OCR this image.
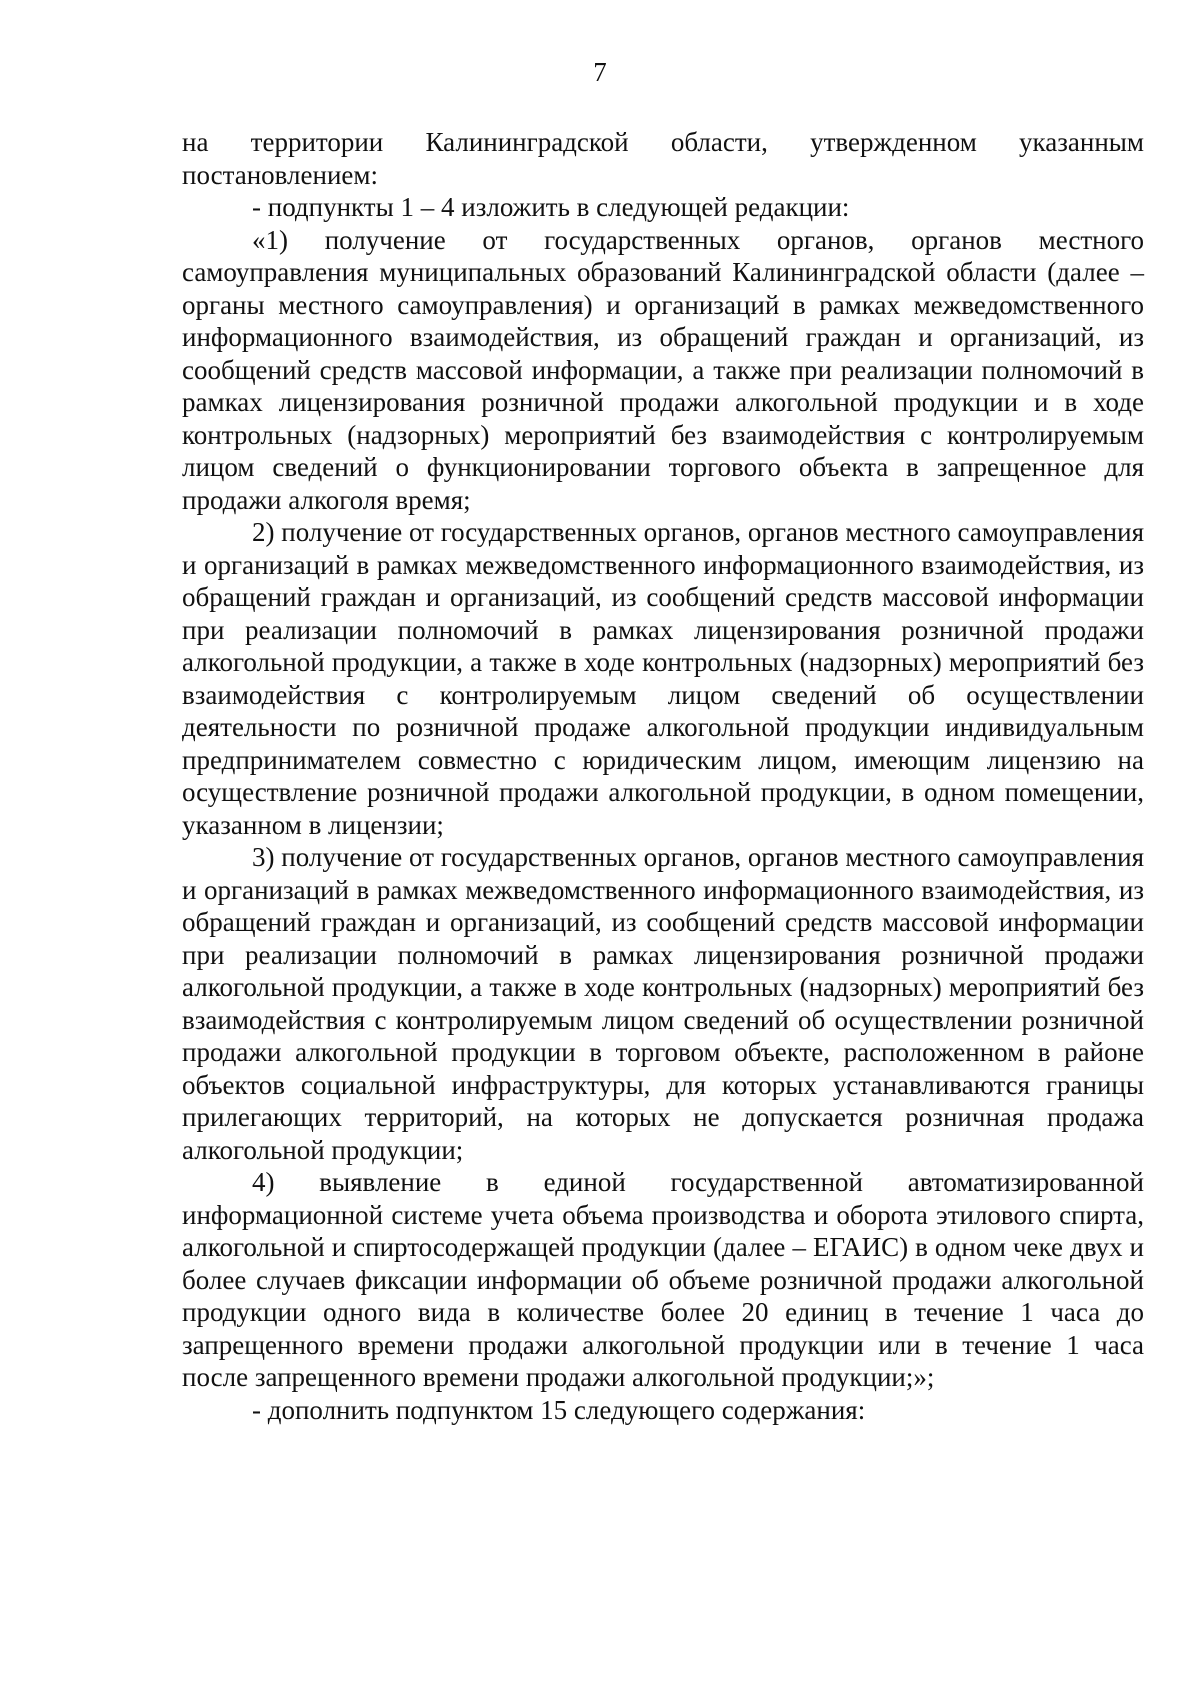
7

на территории Калининградской области, утвержденном указанным постановлением:

- подпункты 1 – 4 изложить в следующей редакции:

«1) получение от государственных органов, органов местного самоуправления муниципальных образований Калининградской области (далее – органы местного самоуправления) и организаций в рамках межведомственного информационного взаимодействия, из обращений граждан и организаций, из сообщений средств массовой информации, а также при реализации полномочий в рамках лицензирования розничной продажи алкогольной продукции и в ходе контрольных (надзорных) мероприятий без взаимодействия с контролируемым лицом сведений о функционировании торгового объекта в запрещенное для продажи алкоголя время;

2) получение от государственных органов, органов местного самоуправления и организаций в рамках межведомственного информационного взаимодействия, из обращений граждан и организаций, из сообщений средств массовой информации при реализации полномочий в рамках лицензирования розничной продажи алкогольной продукции, а также в ходе контрольных (надзорных) мероприятий без взаимодействия с контролируемым лицом сведений об осуществлении деятельности по розничной продаже алкогольной продукции индивидуальным предпринимателем совместно с юридическим лицом, имеющим лицензию на осуществление розничной продажи алкогольной продукции, в одном помещении, указанном в лицензии;

3) получение от государственных органов, органов местного самоуправления и организаций в рамках межведомственного информационного взаимодействия, из обращений граждан и организаций, из сообщений средств массовой информации при реализации полномочий в рамках лицензирования розничной продажи алкогольной продукции, а также в ходе контрольных (надзорных) мероприятий без взаимодействия с контролируемым лицом сведений об осуществлении розничной продажи алкогольной продукции в торговом объекте, расположенном в районе объектов социальной инфраструктуры, для которых устанавливаются границы прилегающих территорий, на которых не допускается розничная продажа алкогольной продукции;

4) выявление в единой государственной автоматизированной информационной системе учета объема производства и оборота этилового спирта, алкогольной и спиртосодержащей продукции (далее – ЕГАИС) в одном чеке двух и более случаев фиксации информации об объеме розничной продажи алкогольной продукции одного вида в количестве более 20 единиц в течение 1 часа до запрещенного времени продажи алкогольной продукции или в течение 1 часа после запрещенного времени продажи алкогольной продукции;»;

- дополнить подпунктом 15 следующего содержания:
